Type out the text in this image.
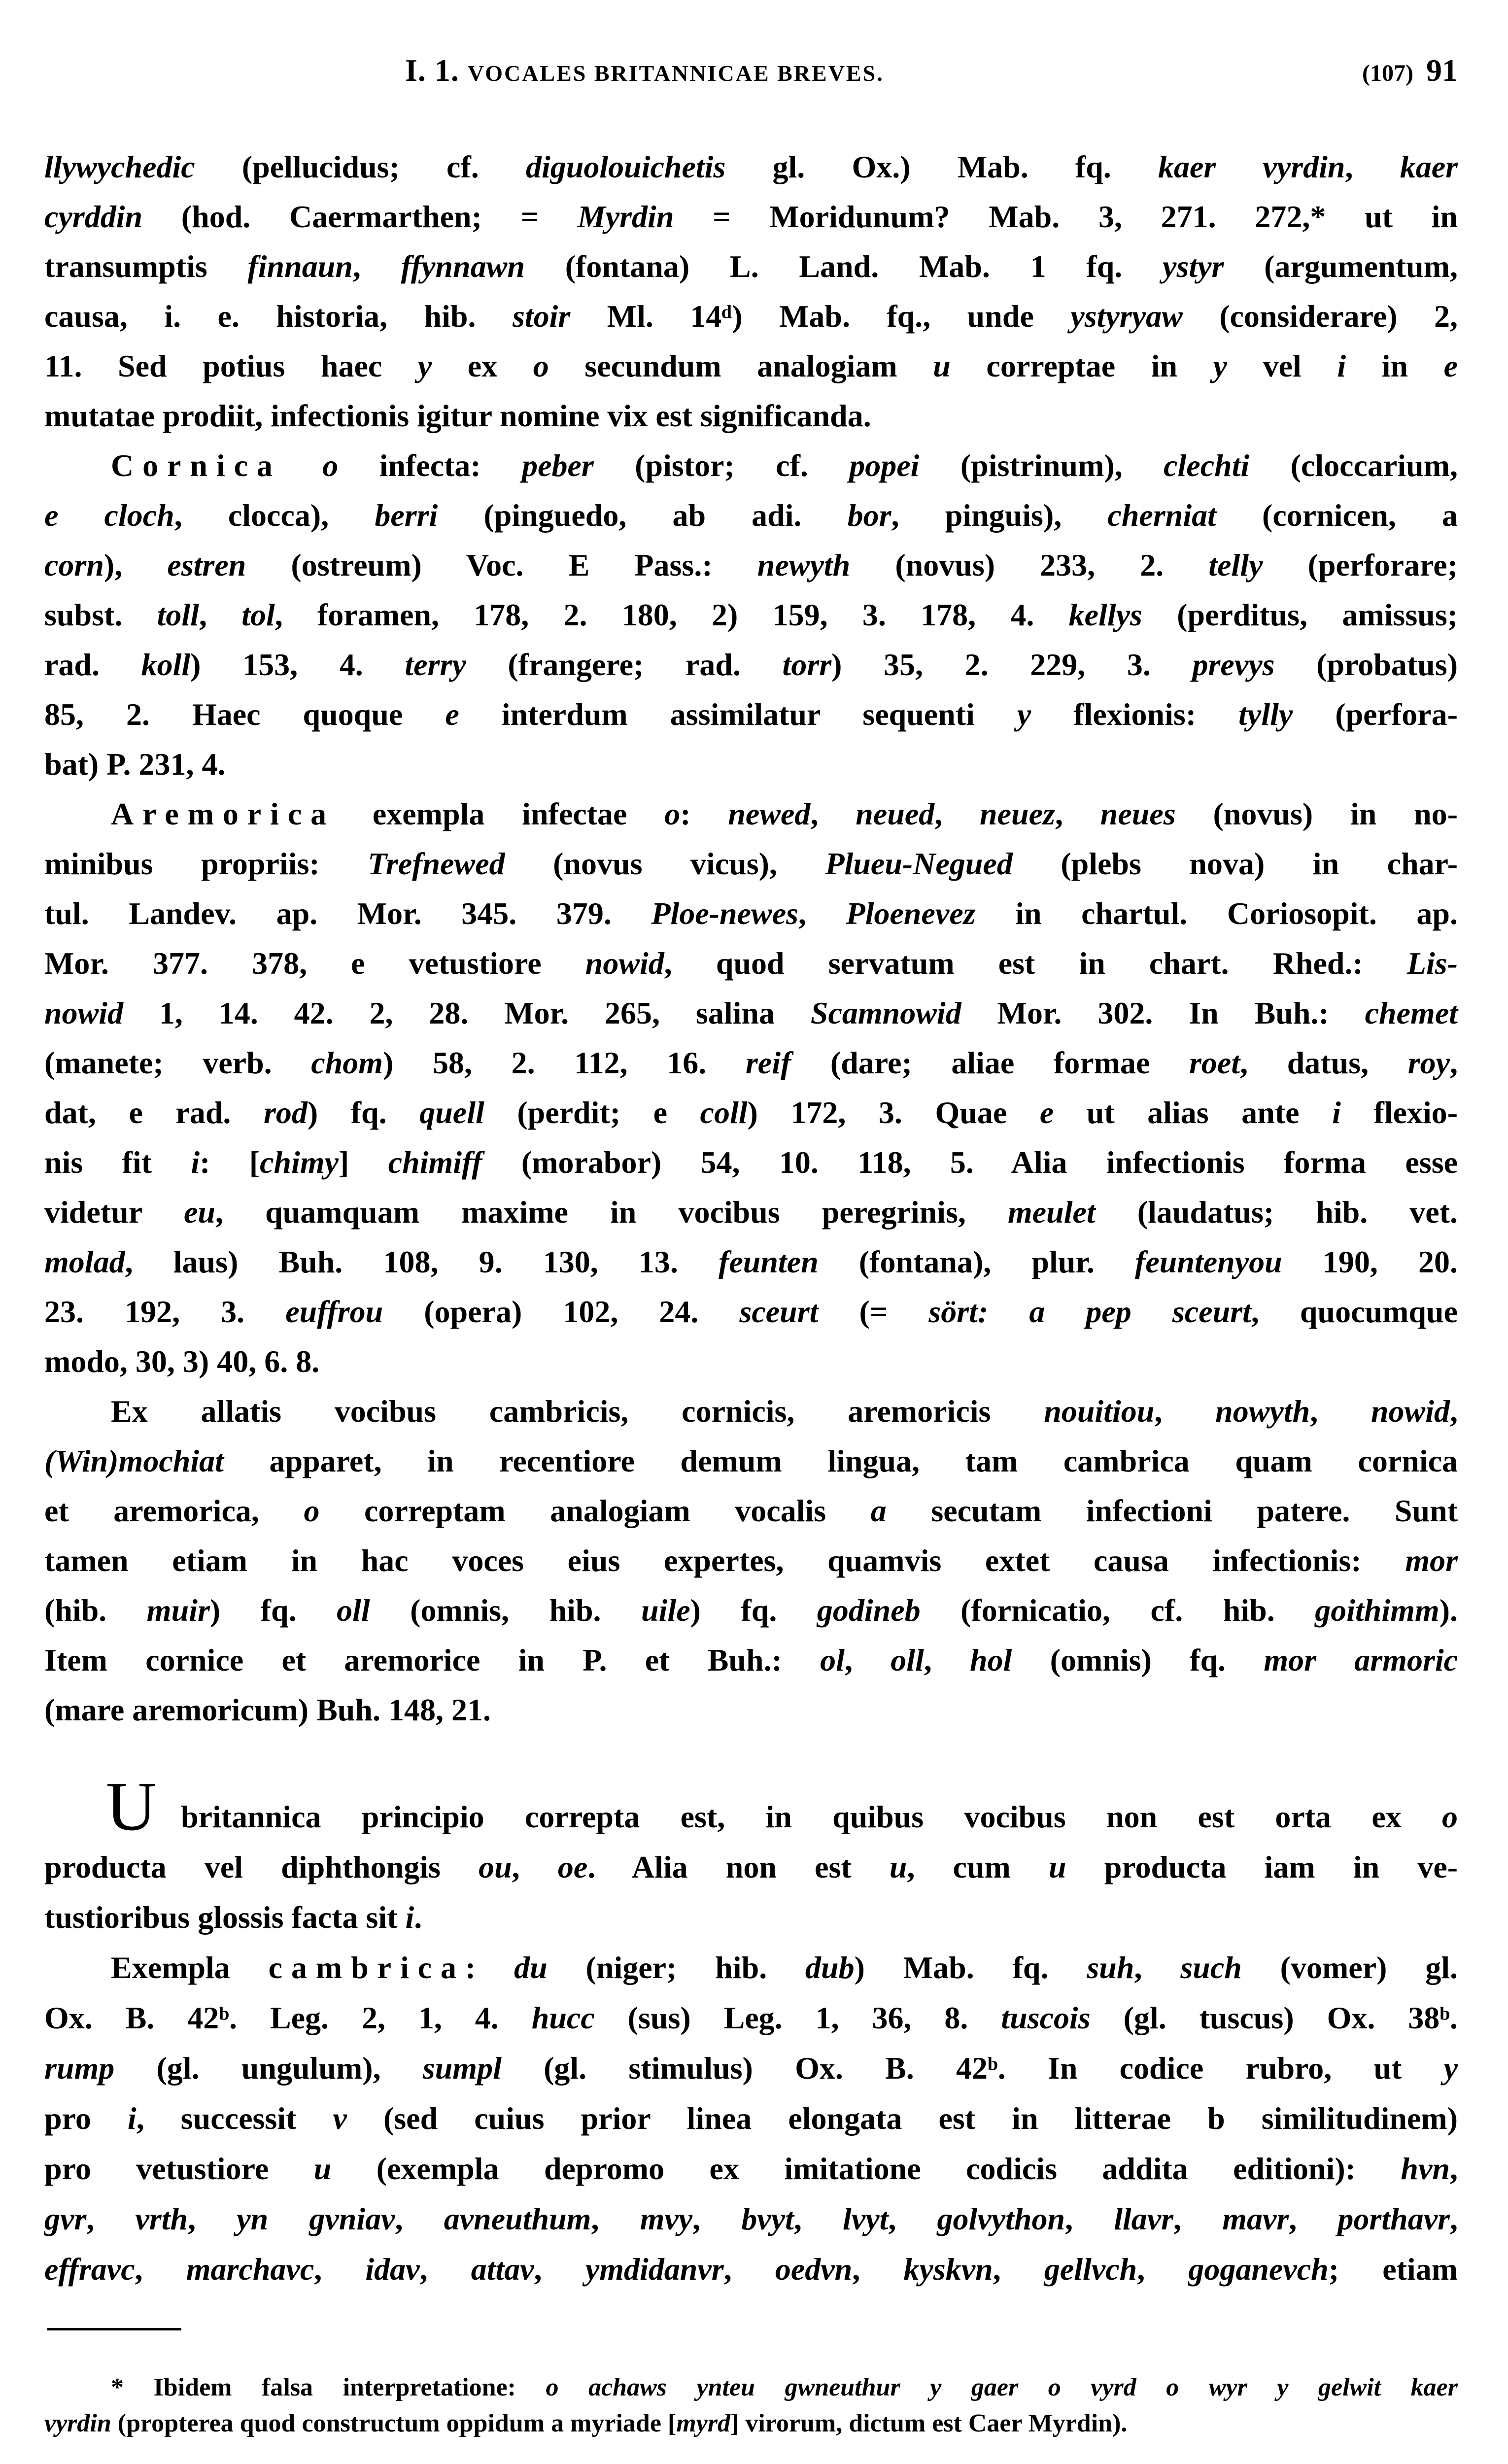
I. 1. VOCALES BRITANNICAE BREVES.	(107) 91
llywychedic (pellucidus; cf. diguolouichetis gl. Ox.) Mab. fq. kaer vyrdin, kaer
cyrddin (hod. Caermarthen; = Myrdin = Moridunum? Mab. 3, 271. 272,* ut in
transumptis finnaun, ffynnawn (fontana) L. Land. Mab. 1 fq. ystyr (argumentum,
causa, i. e. historia, hib. stoir Ml. 14ᵈ) Mab. fq., unde ystyryaw (considerare) 2,
11. Sed potius haec y ex o secundum analogiam u correptae in y vel i in e
mutatae prodiit, infectionis igitur nomine vix est significanda.
Cornica o infecta: peber (pistor; cf. popei (pistrinum), clechti (cloccarium,
e cloch, clocca), berri (pinguedo, ab adi. bor, pinguis), cherniat (cornicen, a
corn), estren (ostreum) Voc. E Pass.: newyth (novus) 233, 2. telly (perforare;
subst. toll, tol, foramen, 178, 2. 180, 2) 159, 3. 178, 4. kellys (perditus, amissus;
rad. koll) 153, 4. terry (frangere; rad. torr) 35, 2. 229, 3. prevys (probatus)
85, 2. Haec quoque e interdum assimilatur sequenti y flexionis: tylly (perfora-
bat) P. 231, 4.
Aremorica exempla infectae o: newed, neued, neuez, neues (novus) in no-
minibus propriis: Trefnewed (novus vicus), Plueu-Negued (plebs nova) in char-
tul. Landev. ap. Mor. 345. 379. Ploe-newes, Ploenevez in chartul. Coriosopit. ap.
Mor. 377. 378, e vetustiore nowid, quod servatum est in chart. Rhed.: Lis-
nowid 1, 14. 42. 2, 28. Mor. 265, salina Scamnowid Mor. 302. In Buh.: chemet
(manete; verb. chom) 58, 2. 112, 16. reif (dare; aliae formae roet, datus, roy,
dat, e rad. rod) fq. quell (perdit; e coll) 172, 3. Quae e ut alias ante i flexio-
nis fit i: [chimy] chimiff (morabor) 54, 10. 118, 5. Alia infectionis forma esse
videtur eu, quamquam maxime in vocibus peregrinis, meulet (laudatus; hib. vet.
molad, laus) Buh. 108, 9. 130, 13. feunten (fontana), plur. feuntenyou 190, 20.
23. 192, 3. euffrou (opera) 102, 24. sceurt (= sört: a pep sceurt, quocumque
modo, 30, 3) 40, 6. 8.
Ex allatis vocibus cambricis, cornicis, aremoricis nouitiou, nowyth, nowid,
(Win)mochiat apparet, in recentiore demum lingua, tam cambrica quam cornica
et aremorica, o correptam analogiam vocalis a secutam infectioni patere. Sunt
tamen etiam in hac voces eius expertes, quamvis extet causa infectionis: mor
(hib. muir) fq. oll (omnis, hib. uile) fq. godineb (fornicatio, cf. hib. goithimm).
Item cornice et aremorice in P. et Buh.: ol, oll, hol (omnis) fq. mor armoric
(mare aremoricum) Buh. 148, 21.
U britannica principio correpta est, in quibus vocibus non est orta ex o
producta vel diphthongis ou, oe. Alia non est u, cum u producta iam in ve-
tustioribus glossis facta sit i.
Exempla cambrica: du (niger; hib. dub) Mab. fq. suh, such (vomer) gl.
Ox. B. 42ᵇ. Leg. 2, 1, 4. hucc (sus) Leg. 1, 36, 8. tuscois (gl. tuscus) Ox. 38ᵇ.
rump (gl. ungulum), sumpl (gl. stimulus) Ox. B. 42ᵇ. In codice rubro, ut y
pro i, successit v (sed cuius prior linea elongata est in litterae b similitudinem)
pro vetustiore u (exempla depromo ex imitatione codicis addita editioni): hvn,
gvr, vrth, yn gvniav, avneuthum, mvy, bvyt, lvyt, golvython, llavr, mavr, porthavr,
effravc, marchavc, idav, attav, ymdidanvr, oedvn, kyskvn, gellvch, goganevch; etiam
* Ibidem falsa interpretatione: o achaws ynteu gwneuthur y gaer o vyrd o wyr y gelwit kaer
vyrdin (propterea quod constructum oppidum a myriade [myrd] virorum, dictum est Caer Myrdin).
